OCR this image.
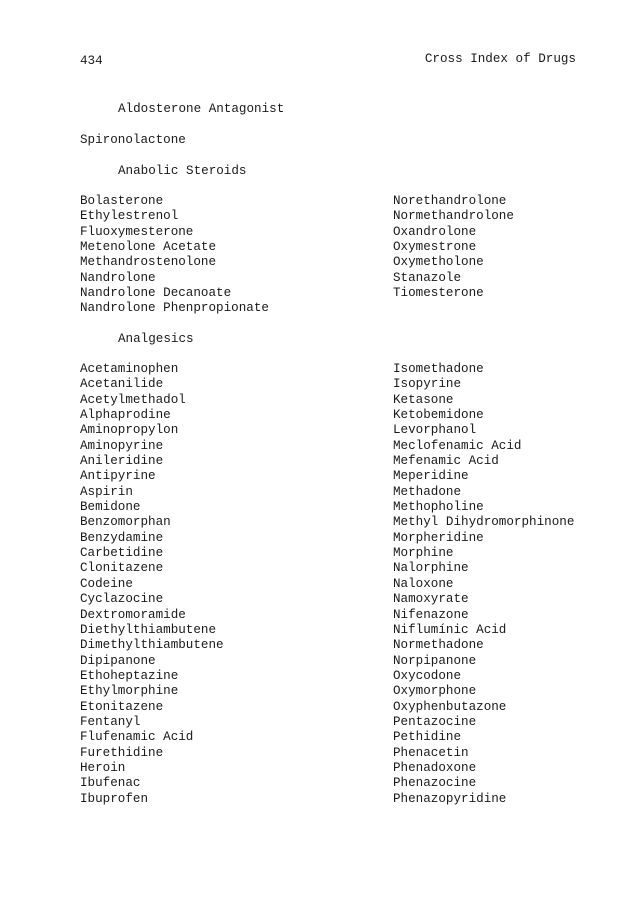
434	Cross Index of Drugs
Aldosterone Antagonist
Spironolactone
Anabolic Steroids
Bolasterone
Ethylestrenol
Fluoxymesterone
Metenolone Acetate
Methandrostenolone
Nandrolone
Nandrolone Decanoate
Nandrolone Phenpropionate
Norethandrolone
Normethandrolone
Oxandrolone
Oxymestrone
Oxymetholone
Stanazole
Tiomesterone
Analgesics
Acetaminophen
Acetanilide
Acetylmethadol
Alphaprodine
Aminopropylon
Aminopyrine
Anileridine
Antipyrine
Aspirin
Bemidone
Benzomorphan
Benzydamine
Carbetidine
Clonitazene
Codeine
Cyclazocine
Dextromoramide
Diethylthiambutene
Dimethylthiambutene
Dipipanone
Ethoheptazine
Ethylmorphine
Etonitazene
Fentanyl
Flufenamic Acid
Furethidine
Heroin
Ibufenac
Ibuprofen
Isomethadone
Isopyrine
Ketasone
Ketobemidone
Levorphanol
Meclofenamic Acid
Mefenamic Acid
Meperidine
Methadone
Methopholine
Methyl Dihydromorphinone
Morpheridine
Morphine
Nalorphine
Naloxone
Namoxyrate
Nifenazone
Niflumínic Acid
Normethadone
Norpipanone
Oxycodone
Oxymorphone
Oxyphenbutazone
Pentazocine
Pethidine
Phenacetin
Phenadoxone
Phenazocine
Phenazopyridine
